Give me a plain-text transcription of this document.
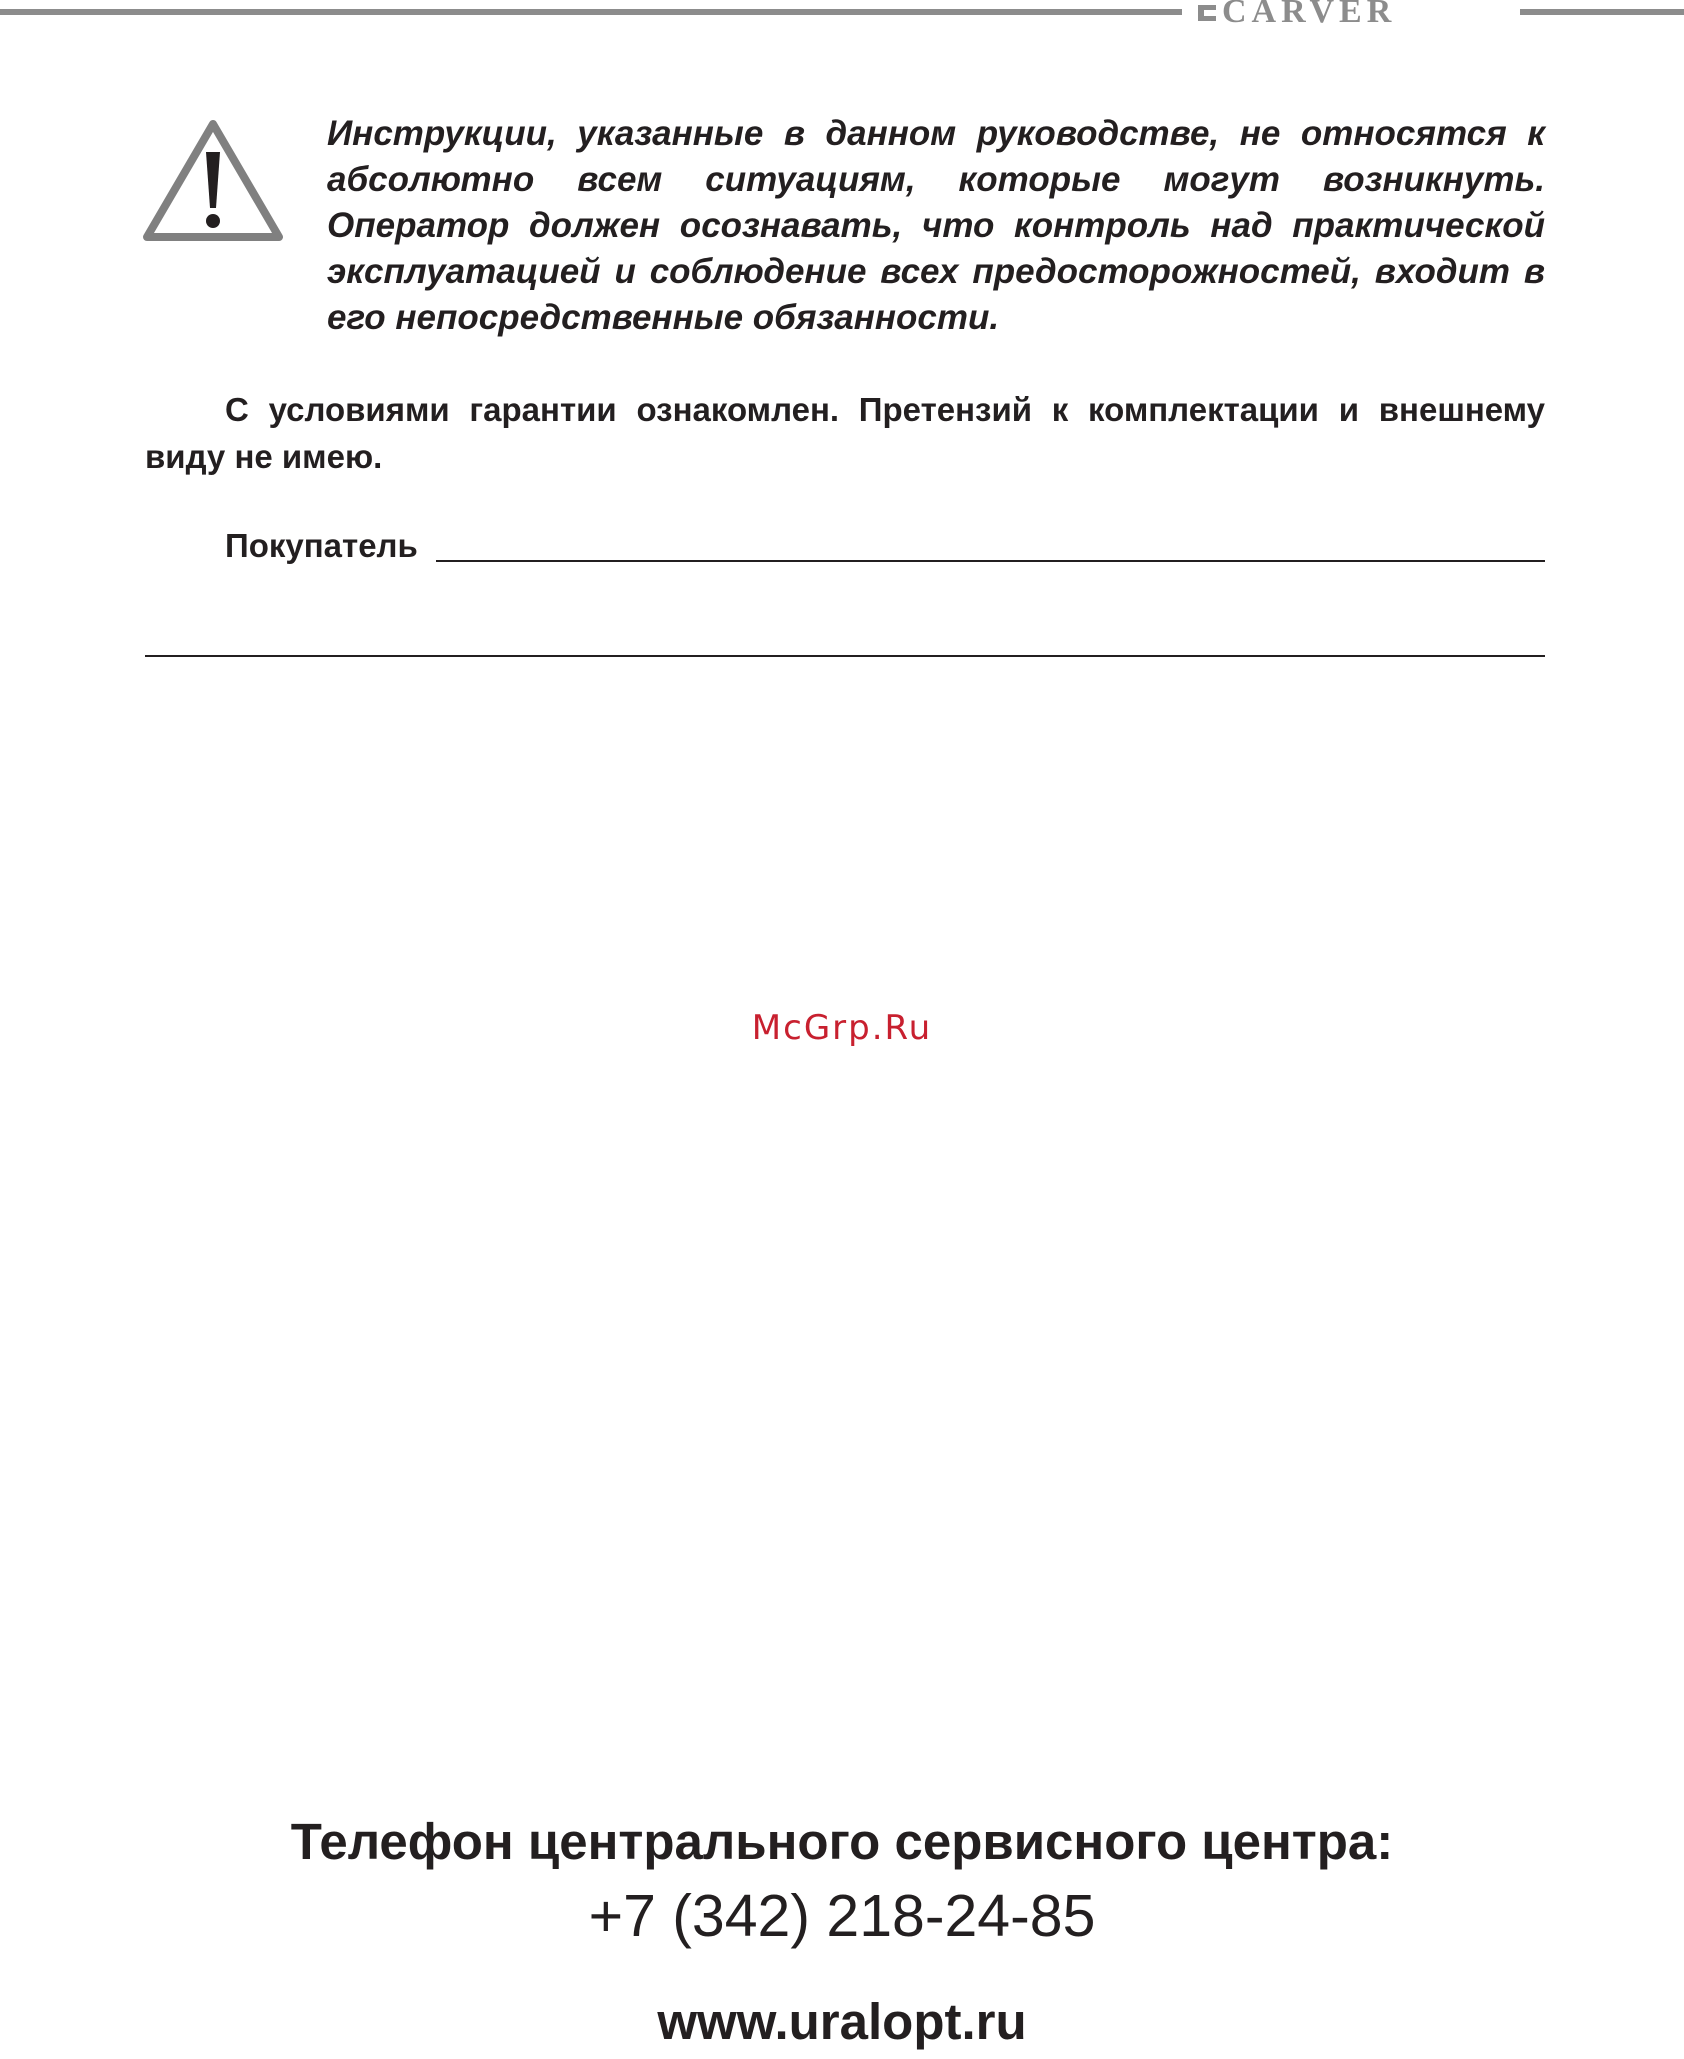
CARVER
Инструкции, указанные в данном руководстве, не относятся к абсолютно всем ситуациям, которые могут возникнуть. Оператор должен осознавать, что контроль над практической эксплуатацией и соблюдение всех предосторожностей, входит в его непосредственные обязанности.
С условиями гарантии ознакомлен. Претензий к комплектации и внешнему виду не имею.
Покупатель
McGrp.Ru
Телефон центрального сервисного центра:
+7 (342) 218-24-85
www.uralopt.ru
